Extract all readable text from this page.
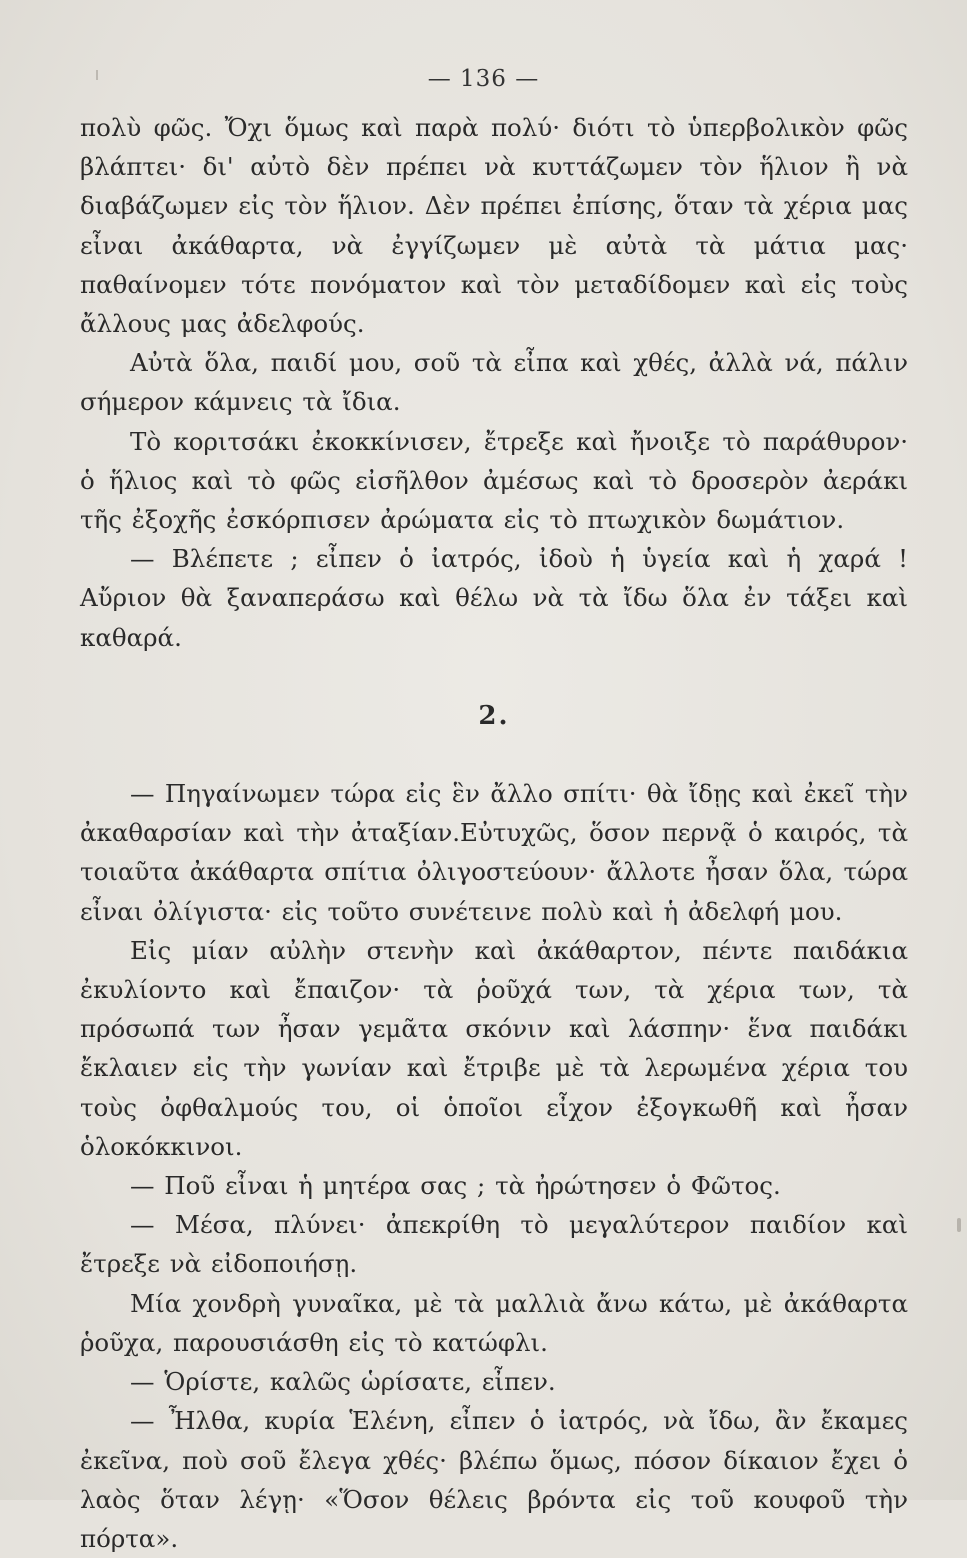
— 136 —

πολὺ φῶς. Ὄχι ὅμως καὶ παρὰ πολύ· διότι τὸ ὑπερβολικὸν φῶς βλάπτει· δι' αὐτὸ δὲν πρέπει νὰ κυττάζωμεν τὸν ἥλιον ἢ νὰ διαβάζωμεν εἰς τὸν ἥλιον. Δὲν πρέπει ἐπίσης, ὅταν τὰ χέρια μας εἶναι ἀκάθαρτα, νὰ ἐγγίζωμεν μὲ αὐτὰ τὰ μάτια μας· παθαίνομεν τότε πονόματον καὶ τὸν μεταδίδομεν καὶ εἰς τοὺς ἄλλους μας ἀδελφούς.

Αὐτὰ ὅλα, παιδί μου, σοῦ τὰ εἶπα καὶ χθές, ἀλλὰ νά, πάλιν σήμερον κάμνεις τὰ ἴδια.

Τὸ κοριτσάκι ἐκοκκίνισεν, ἔτρεξε καὶ ἤνοιξε τὸ παράθυρον· ὁ ἥλιος καὶ τὸ φῶς εἰσῆλθον ἀμέσως καὶ τὸ δροσερὸν ἀεράκι τῆς ἐξοχῆς ἐσκόρπισεν ἀρώματα εἰς τὸ πτωχικὸν δωμάτιον.

— Βλέπετε ; εἶπεν ὁ ἰατρός, ἰδοὺ ἡ ὑγεία καὶ ἡ χαρά ! Αὔριον θὰ ξαναπεράσω καὶ θέλω νὰ τὰ ἴδω ὅλα ἐν τάξει καὶ καθαρά.

2.

— Πηγαίνωμεν τώρα εἰς ἓν ἄλλο σπίτι· θὰ ἴδῃς καὶ ἐκεῖ τὴν ἀκαθαρσίαν καὶ τὴν ἀταξίαν.Εὐτυχῶς, ὅσον περνᾷ ὁ καιρός, τὰ τοιαῦτα ἀκάθαρτα σπίτια ὀλιγοστεύουν· ἄλλοτε ἦσαν ὅλα, τώρα εἶναι ὀλίγιστα· εἰς τοῦτο συνέτεινε πολὺ καὶ ἡ ἀδελφή μου.

Εἰς μίαν αὐλὴν στενὴν καὶ ἀκάθαρτον, πέντε παιδάκια ἐκυλίοντο καὶ ἔπαιζον· τὰ ῥοῦχά των, τὰ χέρια των, τὰ πρόσωπά των ἦσαν γεμᾶτα σκόνιν καὶ λάσπην· ἕνα παιδάκι ἔκλαιεν εἰς τὴν γωνίαν καὶ ἔτριβε μὲ τὰ λερωμένα χέρια του τοὺς ὀφθαλμούς του, οἱ ὁποῖοι εἶχον ἐξογκωθῆ καὶ ἦσαν ὁλοκόκκινοι.

— Ποῦ εἶναι ἡ μητέρα σας ; τὰ ἠρώτησεν ὁ Φῶτος.

— Μέσα, πλύνει· ἀπεκρίθη τὸ μεγαλύτερον παιδίον καὶ ἔτρεξε νὰ εἰδοποιήσῃ.

Μία χονδρὴ γυναῖκα, μὲ τὰ μαλλιὰ ἄνω κάτω, μὲ ἀκάθαρτα ῥοῦχα, παρουσιάσθη εἰς τὸ κατώφλι.

— Ὁρίστε, καλῶς ὡρίσατε, εἶπεν.

— Ἦλθα, κυρία Ἑλένη, εἶπεν ὁ ἰατρός, νὰ ἴδω, ἂν ἔκαμες ἐκεῖνα, ποὺ σοῦ ἔλεγα χθές· βλέπω ὅμως, πόσον δίκαιον ἔχει ὁ λαὸς ὅταν λέγῃ· «Ὅσον θέλεις βρόντα εἰς τοῦ κουφοῦ τὴν πόρτα».
